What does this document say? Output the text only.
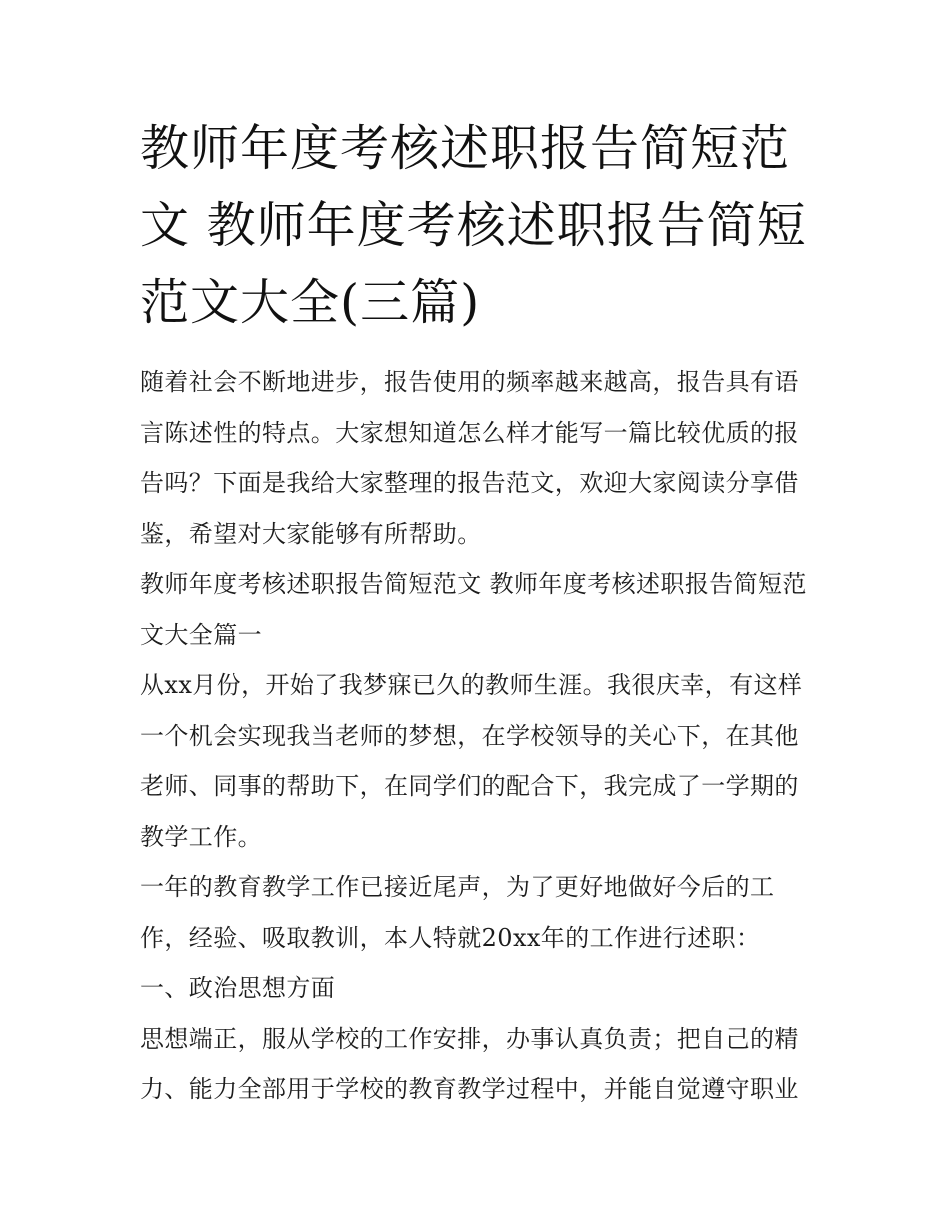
教师年度考核述职报告简短范文 教师年度考核述职报告简短范文大全(三篇)

随着社会不断地进步，报告使用的频率越来越高，报告具有语言陈述性的特点。大家想知道怎么样才能写一篇比较优质的报告吗？下面是我给大家整理的报告范文，欢迎大家阅读分享借鉴，希望对大家能够有所帮助。

教师年度考核述职报告简短范文 教师年度考核述职报告简短范文大全篇一

从xx月份，开始了我梦寐已久的教师生涯。我很庆幸，有这样一个机会实现我当老师的梦想，在学校领导的关心下，在其他老师、同事的帮助下，在同学们的配合下，我完成了一学期的教学工作。

一年的教育教学工作已接近尾声，为了更好地做好今后的工作，经验、吸取教训，本人特就20xx年的工作进行述职：

一、政治思想方面

思想端正，服从学校的工作安排，办事认真负责；把自己的精力、能力全部用于学校的教育教学过程中，并能自觉遵守职业
